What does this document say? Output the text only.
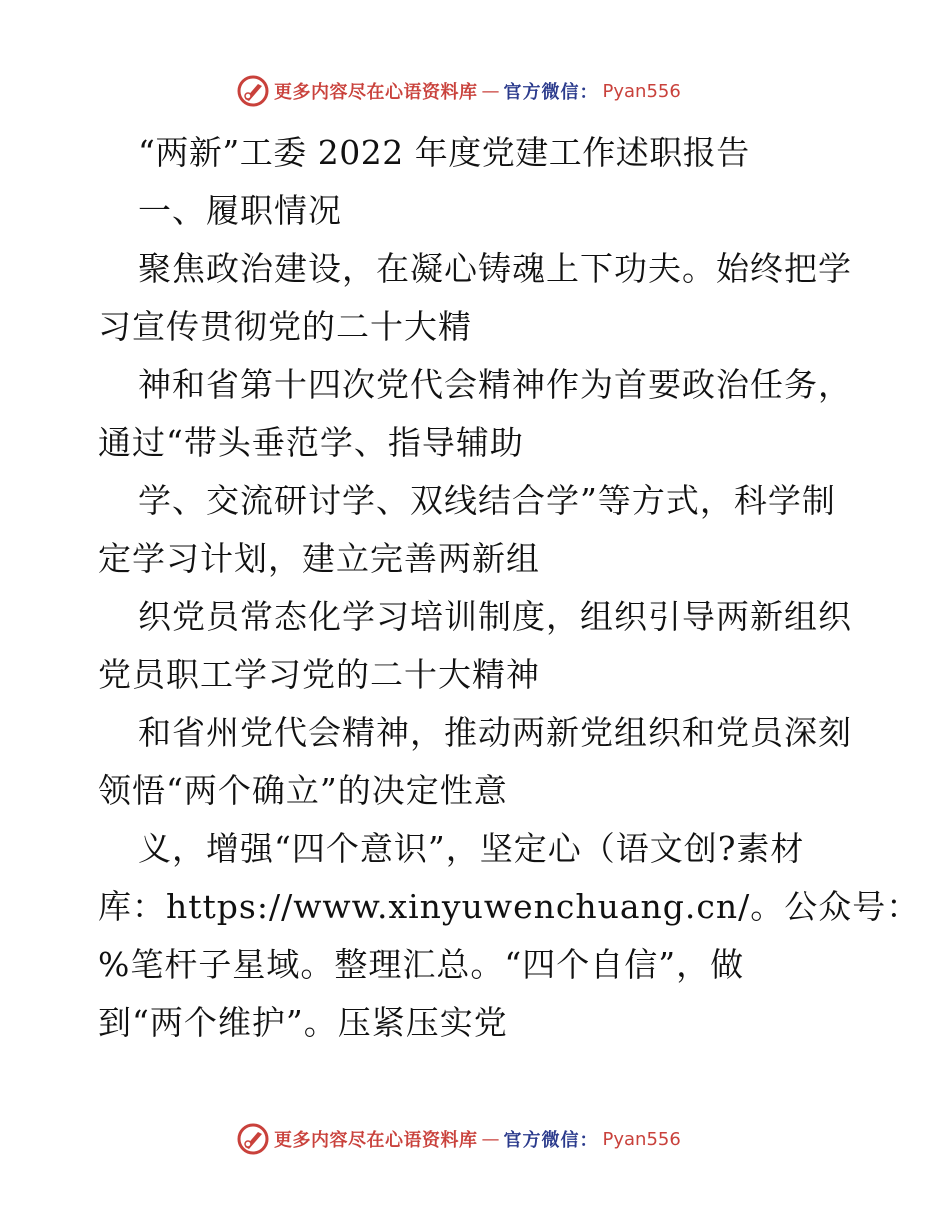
更多内容尽在心语资料库 — 官方微信： Pyan556
“两新”工委 2022 年度党建工作述职报告
一、履职情况
聚焦政治建设，在凝心铸魂上下功夫。始终把学
习宣传贯彻党的二十大精
神和省第十四次党代会精神作为首要政治任务，
通过“带头垂范学、指导辅助
学、交流研讨学、双线结合学”等方式，科学制
定学习计划，建立完善两新组
织党员常态化学习培训制度，组织引导两新组织
党员职工学习党的二十大精神
和省州党代会精神，推动两新党组织和党员深刻
领悟“两个确立”的决定性意
义，增强“四个意识”，坚定心（语文创?素材
库：https://www.xinyuwenchuang.cn/。公众号：
%笔杆子星域。整理汇总。“四个自信”，做
到“两个维护”。压紧压实党
更多内容尽在心语资料库 — 官方微信： Pyan556
